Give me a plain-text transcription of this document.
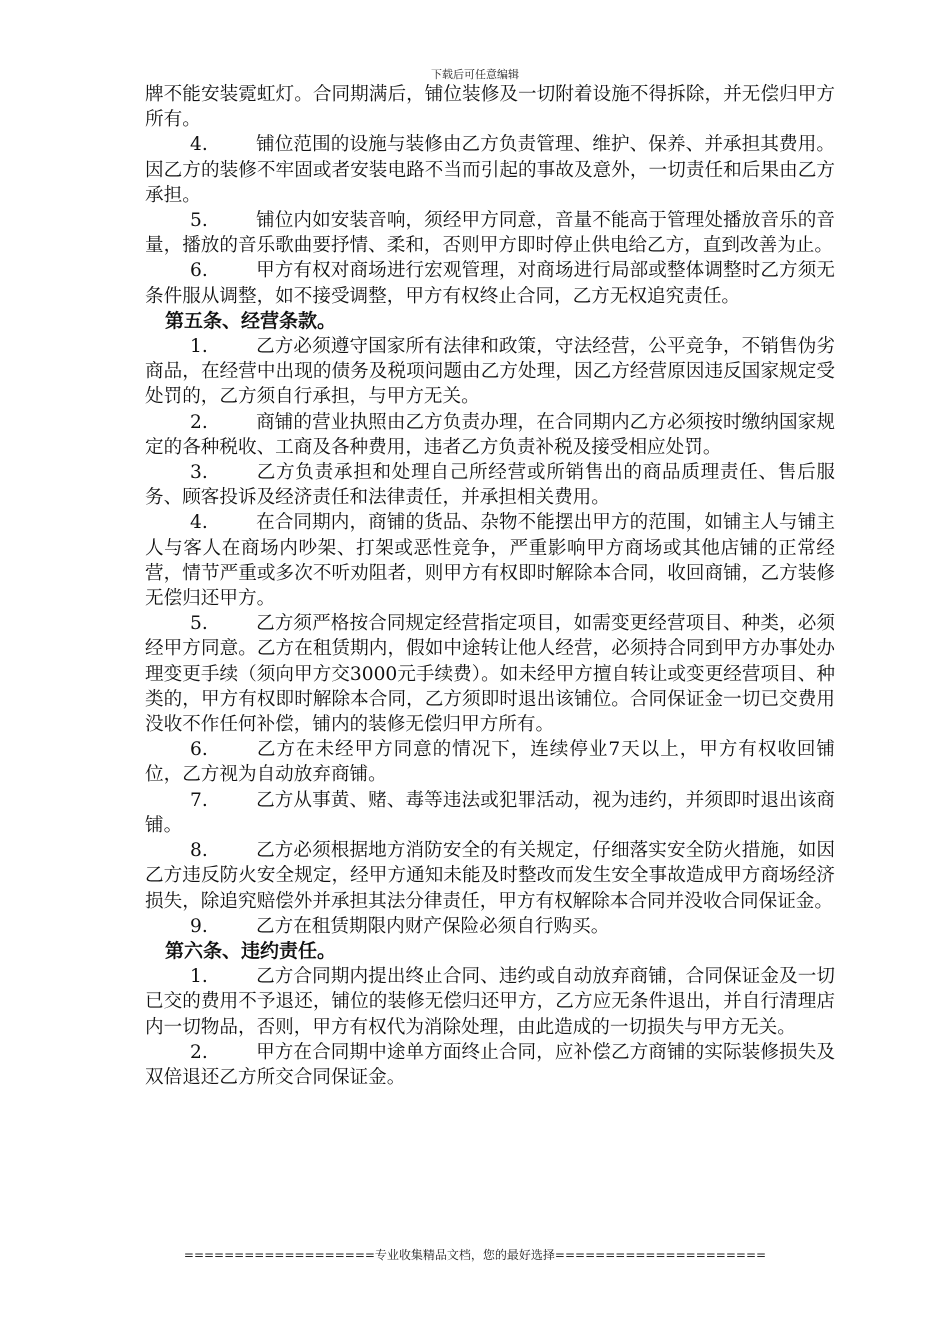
下载后可任意编辑

牌不能安装霓虹灯。合同期满后，铺位装修及一切附着设施不得拆除，并无偿归甲方所有。

4.	铺位范围的设施与装修由乙方负责管理、维护、保养、并承担其费用。因乙方的装修不牢固或者安装电路不当而引起的事故及意外，一切责任和后果由乙方承担。

5.	铺位内如安装音响，须经甲方同意，音量不能高于管理处播放音乐的音量，播放的音乐歌曲要抒情、柔和，否则甲方即时停止供电给乙方，直到改善为止。

6.	甲方有权对商场进行宏观管理，对商场进行局部或整体调整时乙方须无条件服从调整，如不接受调整，甲方有权终止合同，乙方无权追究责任。

第五条、经营条款。

1.	乙方必须遵守国家所有法律和政策，守法经营，公平竞争，不销售伪劣商品，在经营中出现的债务及税项问题由乙方处理，因乙方经营原因违反国家规定受处罚的，乙方须自行承担，与甲方无关。

2.	商铺的营业执照由乙方负责办理，在合同期内乙方必须按时缴纳国家规定的各种税收、工商及各种费用，违者乙方负责补税及接受相应处罚。

3.	乙方负责承担和处理自己所经营或所销售出的商品质理责任、售后服务、顾客投诉及经济责任和法律责任，并承担相关费用。

4.	在合同期内，商铺的货品、杂物不能摆出甲方的范围，如铺主人与铺主人与客人在商场内吵架、打架或恶性竞争，严重影响甲方商场或其他店铺的正常经营，情节严重或多次不听劝阻者，则甲方有权即时解除本合同，收回商铺，乙方装修无偿归还甲方。

5.	乙方须严格按合同规定经营指定项目，如需变更经营项目、种类，必须经甲方同意。乙方在租赁期内，假如中途转让他人经营，必须持合同到甲方办事处办理变更手续（须向甲方交3000元手续费）。如未经甲方擅自转让或变更经营项目、种类的，甲方有权即时解除本合同，乙方须即时退出该铺位。合同保证金一切已交费用没收不作任何补偿，铺内的装修无偿归甲方所有。

6.	乙方在未经甲方同意的情况下，连续停业7天以上，甲方有权收回铺位，乙方视为自动放弃商铺。

7.	乙方从事黄、赌、毒等违法或犯罪活动，视为违约，并须即时退出该商铺。

8.	乙方必须根据地方消防安全的有关规定，仔细落实安全防火措施，如因乙方违反防火安全规定，经甲方通知未能及时整改而发生安全事故造成甲方商场经济损失，除追究赔偿外并承担其法分律责任，甲方有权解除本合同并没收合同保证金。

9.	乙方在租赁期限内财产保险必须自行购买。

第六条、违约责任。

1.	乙方合同期内提出终止合同、违约或自动放弃商铺，合同保证金及一切已交的费用不予退还，铺位的装修无偿归还甲方，乙方应无条件退出，并自行清理店内一切物品，否则，甲方有权代为消除处理，由此造成的一切损失与甲方无关。

2.	甲方在合同期中途单方面终止合同，应补偿乙方商铺的实际装修损失及双倍退还乙方所交合同保证金。

===================专业收集精品文档，您的最好选择=====================
